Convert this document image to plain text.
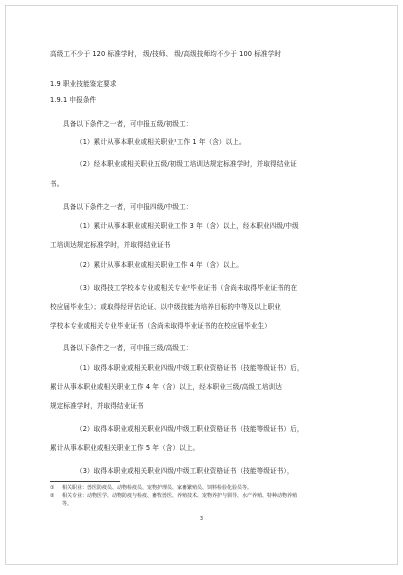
高级工不少于 120 标准学时， 级/技师、 级/高级技师均不少于 100 标准学时

1.9 职业技能鉴定要求

1.9.1 申报条件

具备以下条件之一者，可申报五级/初级工：

（1）累计从事本职业或相关职业¹工作 1 年（含）以上。

（2）经本职业或相关职业五级/初级工培训达规定标准学时，并取得结业证

书。

具备以下条件之一者，可申报四级/中级工：

（1）累计从事本职业或相关职业工作 3 年（含）以上，经本职业四级/中级

工培训达规定标准学时，并取得结业证书

（2）累计从事本职业或相关职业工作 4 年（含）以上。

（3）取得技工学校本专业或相关专业²毕业证书（含尚未取得毕业证书的在

校应届毕业生）；或取得经评估论证、以中级技能为培养目标的中等及以上职业

学校本专业或相关专业毕业证书（含尚未取得毕业证书的在校应届毕业生）

具备以下条件之一者，可申报三级/高级工：

（1）取得本职业或相关职业四级/中级工职业资格证书（技能等级证书）后，

累计从事本职业或相关职业工作 4 年（含）以上，经本职业三级/高级工培训达

规定标准学时，并取得结业证书

（2）取得本职业或相关职业四级/中级工职业资格证书（技能等级证书）后，

累计从事本职业或相关职业工作 5 年（含）以上。

（3）取得本职业或相关职业四级/中级工职业资格证书（技能等级证书），

① 相关职业：兽医防疫员、动物检疫员、宠物护理员、家畜繁殖员、饲料检验化验员等。

② 相关专业：动物医学、动物防疫与检疫、畜牧兽医、养殖技术、宠物养护与驯导、水产养殖、特种动物养殖

等。

3
